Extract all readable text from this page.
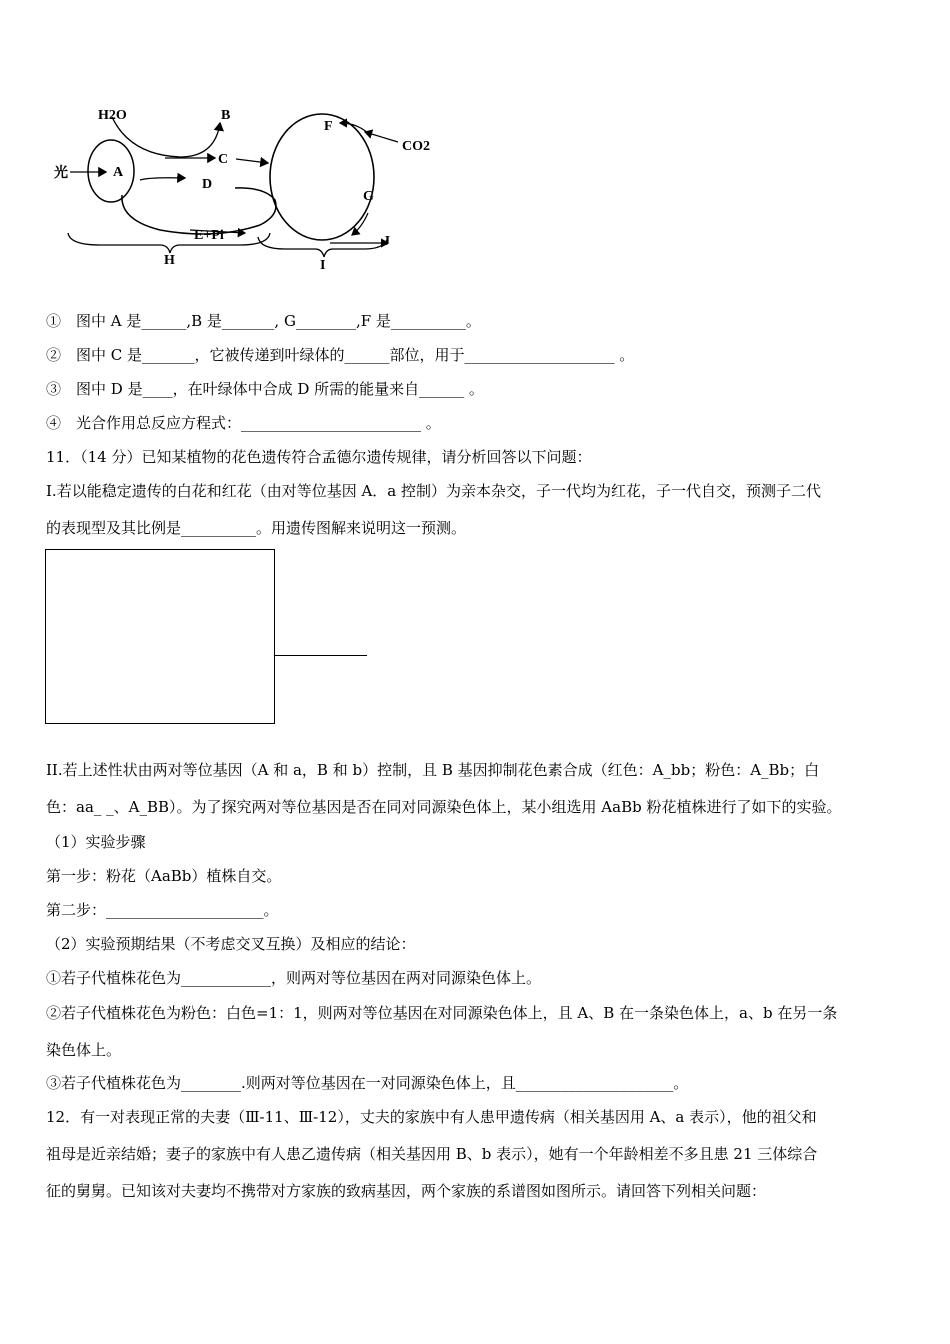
H2O	B
C
CO2
F
光	A
D
G
E+Pi	J
H	I
①　图中 A 是______,B 是_______, G________,F 是__________。
②　图中 C 是_______，它被传递到叶绿体的______部位，用于____________________ 。
③　图中 D 是____，在叶绿体中合成 D 所需的能量来自______ 。
④　光合作用总反应方程式：________________________ 。
11．（14 分）已知某植物的花色遗传符合孟德尔遗传规律，请分析回答以下问题：
I.若以能稳定遗传的白花和红花（由对等位基因 A．a 控制）为亲本杂交，子一代均为红花，子一代自交，预测子二代
的表现型及其比例是__________。用遗传图解来说明这一预测。
II.若上述性状由两对等位基因（A 和 a，B 和 b）控制，且 B 基因抑制花色素合成（红色：A_bb；粉色：A_Bb；白
色：aa_ _、A_BB）。为了探究两对等位基因是否在同对同源染色体上，某小组选用 AaBb 粉花植株进行了如下的实验。
（1）实验步骤
第一步：粉花（AaBb）植株自交。
第二步：_____________________。
（2）实验预期结果（不考虑交叉互换）及相应的结论：
①若子代植株花色为____________，则两对等位基因在两对同源染色体上。
②若子代植株花色为粉色：白色=1：1，则两对等位基因在对同源染色体上，且 A、B 在一条染色体上，a、b 在另一条
染色体上。
③若子代植株花色为________.则两对等位基因在一对同源染色体上，且_____________________。
12．有一对表现正常的夫妻（Ⅲ-11、Ⅲ-12），丈夫的家族中有人患甲遗传病（相关基因用 A、a 表示），他的祖父和
祖母是近亲结婚；妻子的家族中有人患乙遗传病（相关基因用 B、b 表示），她有一个年龄相差不多且患 21 三体综合
征的舅舅。已知该对夫妻均不携带对方家族的致病基因，两个家族的系谱图如图所示。请回答下列相关问题：
